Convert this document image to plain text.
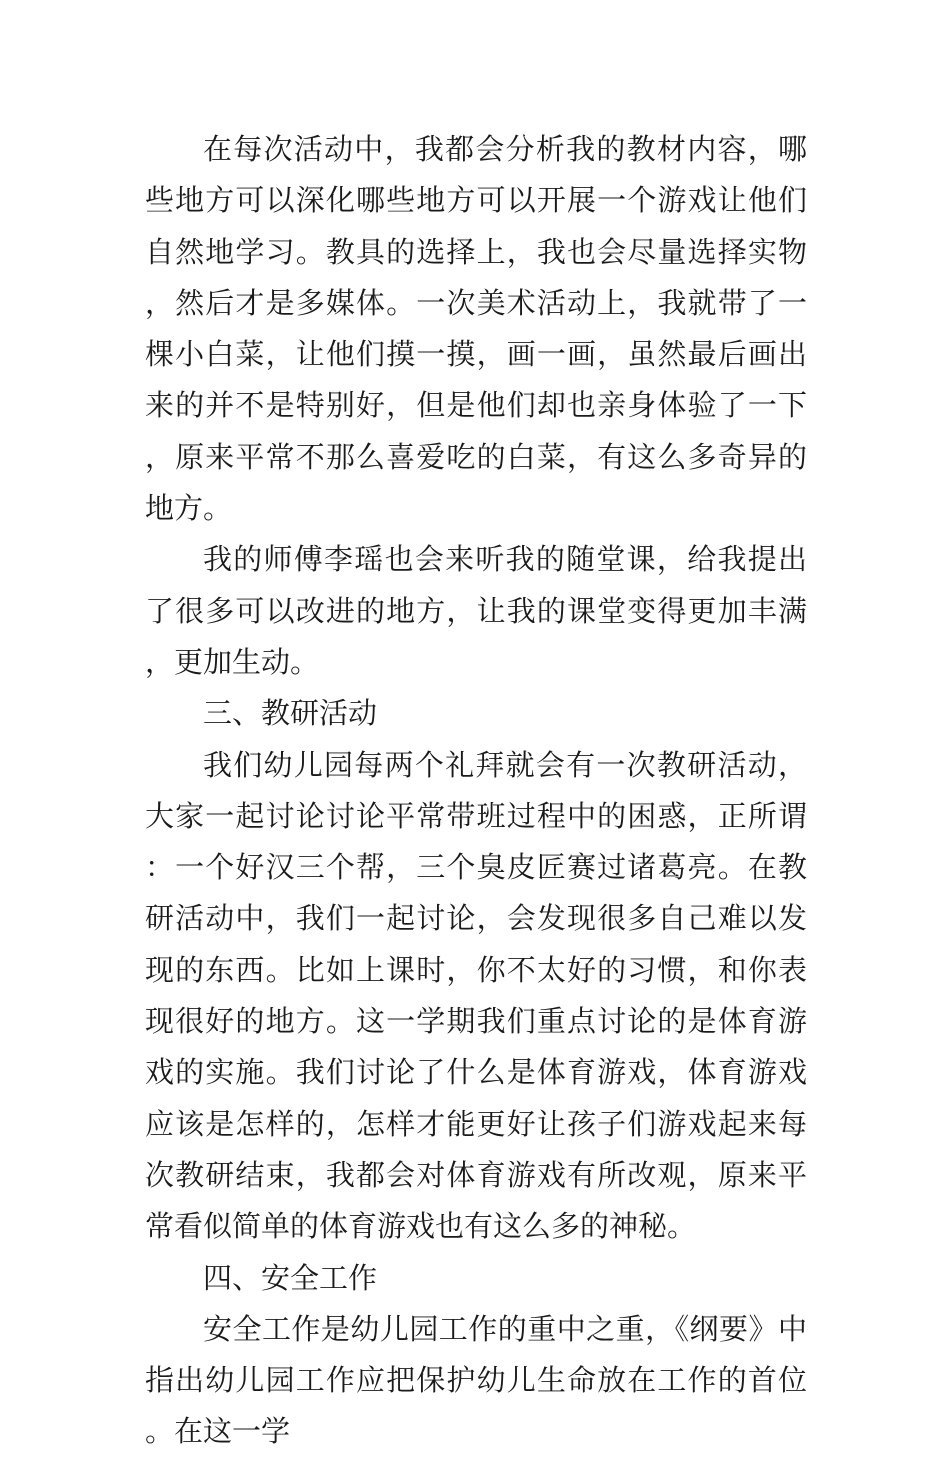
在每次活动中，我都会分析我的教材内容，哪些地方可以深化哪些地方可以开展一个游戏让他们自然地学习。教具的选择上，我也会尽量选择实物，然后才是多媒体。一次美术活动上，我就带了一棵小白菜，让他们摸一摸，画一画，虽然最后画出来的并不是特别好，但是他们却也亲身体验了一下，原来平常不那么喜爱吃的白菜，有这么多奇异的地方。

我的师傅李瑶也会来听我的随堂课，给我提出了很多可以改进的地方，让我的课堂变得更加丰满，更加生动。

三、教研活动

我们幼儿园每两个礼拜就会有一次教研活动，大家一起讨论讨论平常带班过程中的困惑，正所谓：一个好汉三个帮，三个臭皮匠赛过诸葛亮。在教研活动中，我们一起讨论，会发现很多自己难以发现的东西。比如上课时，你不太好的习惯，和你表现很好的地方。这一学期我们重点讨论的是体育游戏的实施。我们讨论了什么是体育游戏，体育游戏应该是怎样的，怎样才能更好让孩子们游戏起来每次教研结束，我都会对体育游戏有所改观，原来平常看似简单的体育游戏也有这么多的神秘。

四、安全工作

安全工作是幼儿园工作的重中之重，《纲要》中指出幼儿园工作应把保护幼儿生命放在工作的首位。在这一学
